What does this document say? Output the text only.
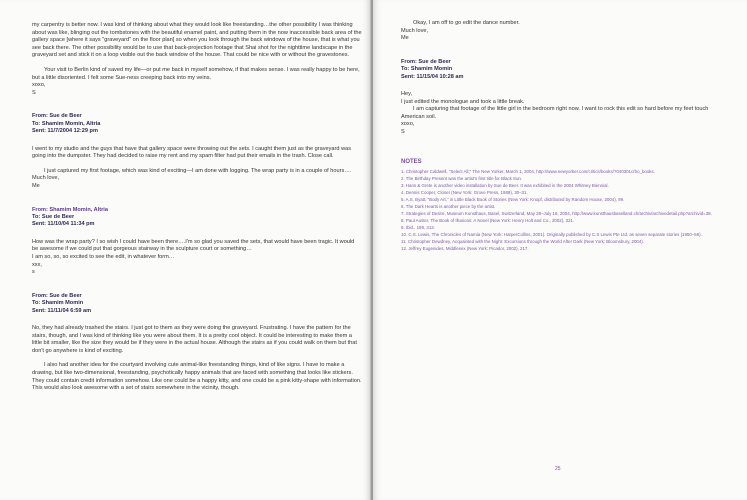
my carpentry is better now. I was kind of thinking about what they would look like freestanding…the other possibility I was thinking about was like, blinging out the tombstones with the beautiful enamel paint, and putting them in the now inaccessible back area of the gallery space [where it says "graveyard" on the floor plan] so when you look through the back windows of the house, that is what you see back there. The other possibility would be to use that back-projection footage that Shai shot for the nighttime landscape in the graveyard set and stick it on a loop visible out the back window of the house. That could be nice with or without the gravestones.

Your visit to Berlin kind of saved my life—or put me back in myself somehow, if that makes sense. I was really happy to be here, but a little disoriented. I felt some Sue-ness creeping back into my veins.

xoxo,

S

From: Sue de Beer

To: Shamim Momin, Altria

Sent: 11/7/2004 12:29 pm

I went to my studio and the guys that have that gallery space were throwing out the sets. I caught them just as the graveyard was going into the dumpster. They had decided to raise my rent and my spam filter had put their emails in the trash. Close call.

I just captured my first footage, which was kind of exciting—I am done with logging. The wrap party is in a couple of hours….

Much love,

Me

From: Shamim Momin, Altria

To: Sue de Beer

Sent: 11/10/04 11:34 pm

How was the wrap party? I so wish I could have been there….I'm so glad you saved the sets, that would have been tragic. It would be awesome if we could put that gorgeous stairway in the sculpture court or something…

I am so, so, so excited to see the edit, in whatever form…

xxx,

s

From: Sue de Beer

To: Shamim Momin

Sent: 11/11/04 6:59 am

No, they had already trashed the stairs. I just got to them as they were doing the graveyard. Frustrating. I have the pattern for the stairs, though, and I was kind of thinking like you were about them. It is a pretty cool object. It could be interesting to make them a little bit smaller, like the size they would be if they were in the actual house. Although the stairs as if you could walk on them but that don't go anywhere is kind of exciting.

I also had another idea for the courtyard involving cute animal-like freestanding things, kind of like signs. I have to make a drawing, but like two-dimensional, freestanding, psychotically happy animals that are faced with something that looks like stickers. They could contain credit information somehow. Like one could be a happy kitty, and one could be a pink kitty-shape with information. This would also look awesome with a set of stairs somewhere in the vicinity, though.

Okay, I am off to go edit the dance number.

Much love,

Me

From: Sue de Beer

To: Shamim Momin

Sent: 11/15/04 10:28 am

Hey,

I just edited the monologue and took a little break.

I am capturing that footage of the little girl in the bedroom right now. I want to rock this edit so hard before my feet touch American soil.

xoxo,

S

NOTES

1. Christopher Caldwell, "Select All," The New Yorker, March 1, 2004, http://www.newyorker.com/critics/books/?040301crbo_books.

2. The Birthday Present was the artist's first title for Black Sun.

3. Hans & Grete is another video installation by Sue de Beer. It was exhibited in the 2004 Whitney Biennial.

4. Dennis Cooper, Closer (New York: Grove Press, 1989), 30–31.

5. A.S. Byatt, "Body Art," in Little Black Book of Stories (New York: Knopf, distributed by Random House, 2004), 99.

6. The Dark Hearts is another piece by the artist.

7. Strategies of Desire, Museum Kunsthaus, Basel, Switzerland, May 28–July 18, 2004, http://www.kunsthausbaselland.ch/archiv/archivedetail.php?archivid=38.

8. Paul Auster, The Book of Illusions: A Novel (New York: Henry Holt and Co., 2002), 321.

9. Ibid., 199, 313.

10. C.S. Lewis, The Chronicles of Narnia (New York: HarperCollins, 2001). Originally published by C.S Lewis Pte Ltd. as seven separate stories (1950–56).

11. Christopher Dewdney, Acquainted with the Night: Excursions through the World After Dark (New York: Bloomsbury, 2004).

12. Jeffrey Eugenides, Middlesex (New York: Picador, 2002), 217.

25
